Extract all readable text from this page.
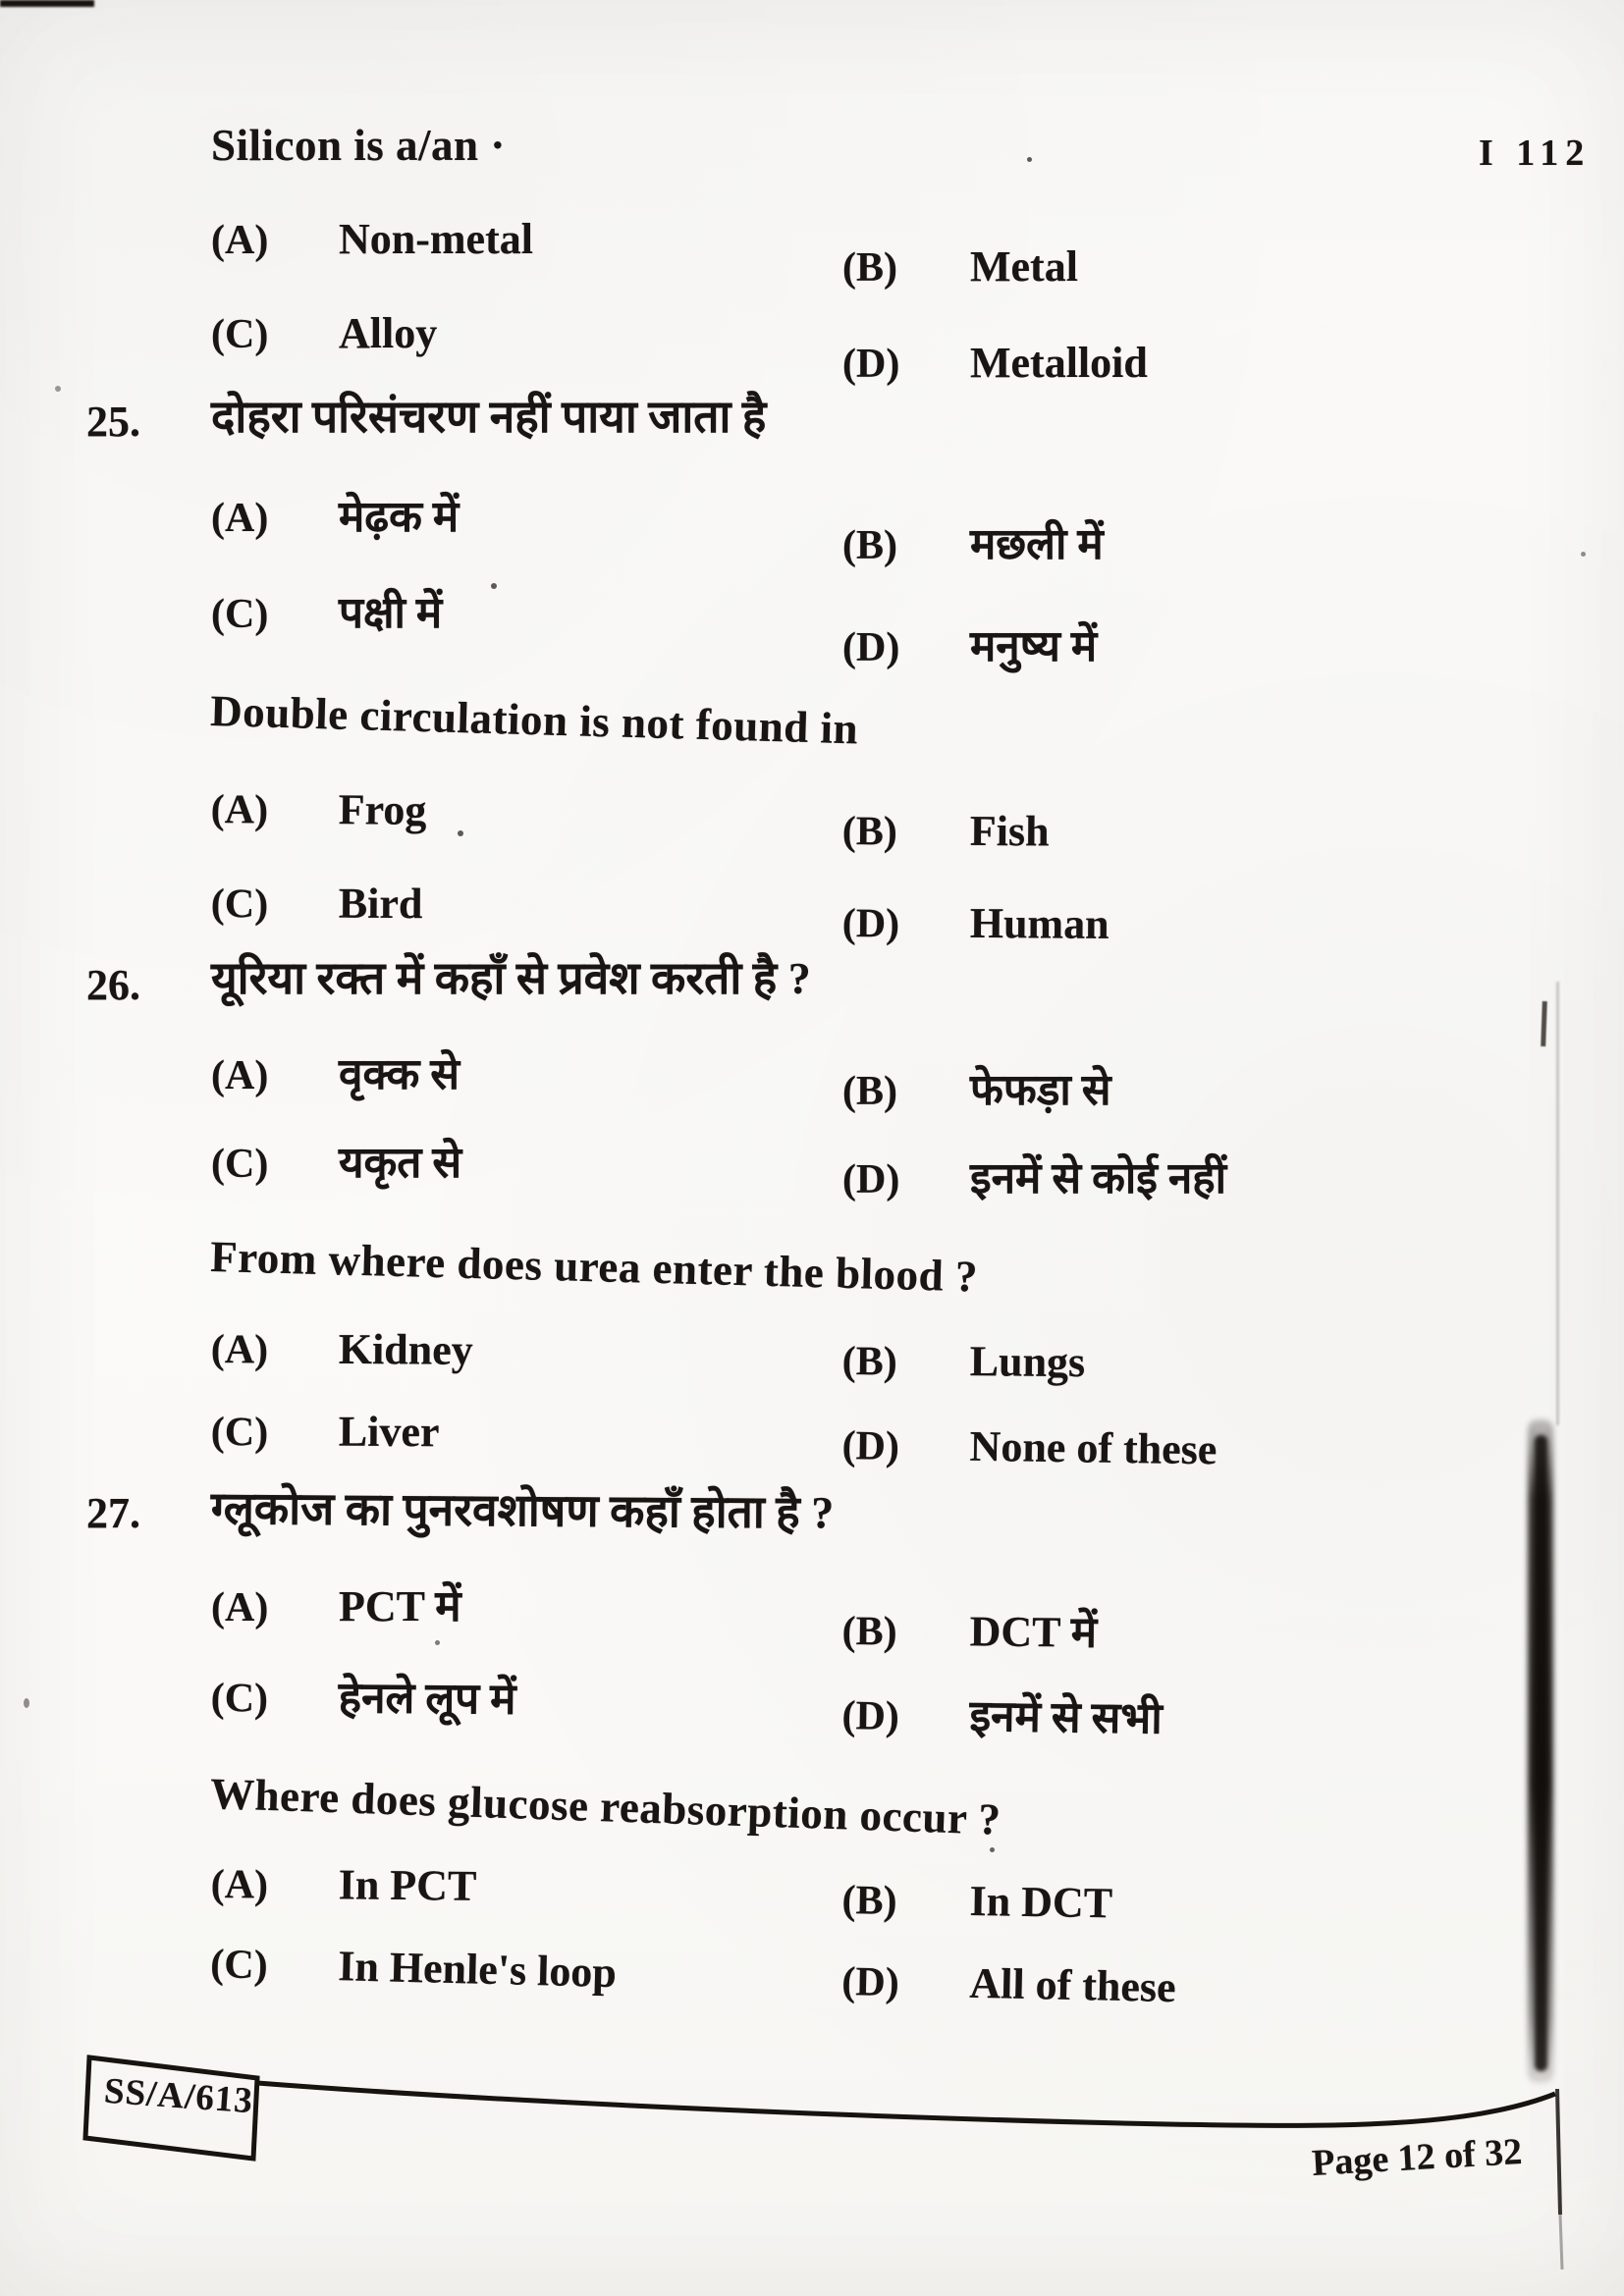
I 112
Silicon is a/an ·
(A) Non-metal
(B) Metal
(C) Alloy
(D) Metalloid
25. दोहरा परिसंचरण नहीं पाया जाता है
(A) मेढ़क में
(B) मछली में
(C) पक्षी में
(D) मनुष्य में
Double circulation is not found in
(A) Frog	(B) Fish
(C) Bird	(D) Human
26. यूरिया रक्त में कहाँ से प्रवेश करती है ?
(A) वृक्क से	(B) फेफड़ा से
(C) यकृत से	(D) इनमें से कोई नहीं
From where does urea enter the blood ?
(A) Kidney	(B) Lungs
(C) Liver	(D) None of these
27. ग्लूकोज का पुनरवशोषण कहाँ होता है ?
(A) PCT में
(B) DCT में
(C) हेनले लूप में	(D) इनमें से सभी
Where does glucose reabsorption occur ?
(A) In PCT	(B) In DCT
(C) In Henle's loop	(D) All of these
SS/A/613
Page 12 of 32
